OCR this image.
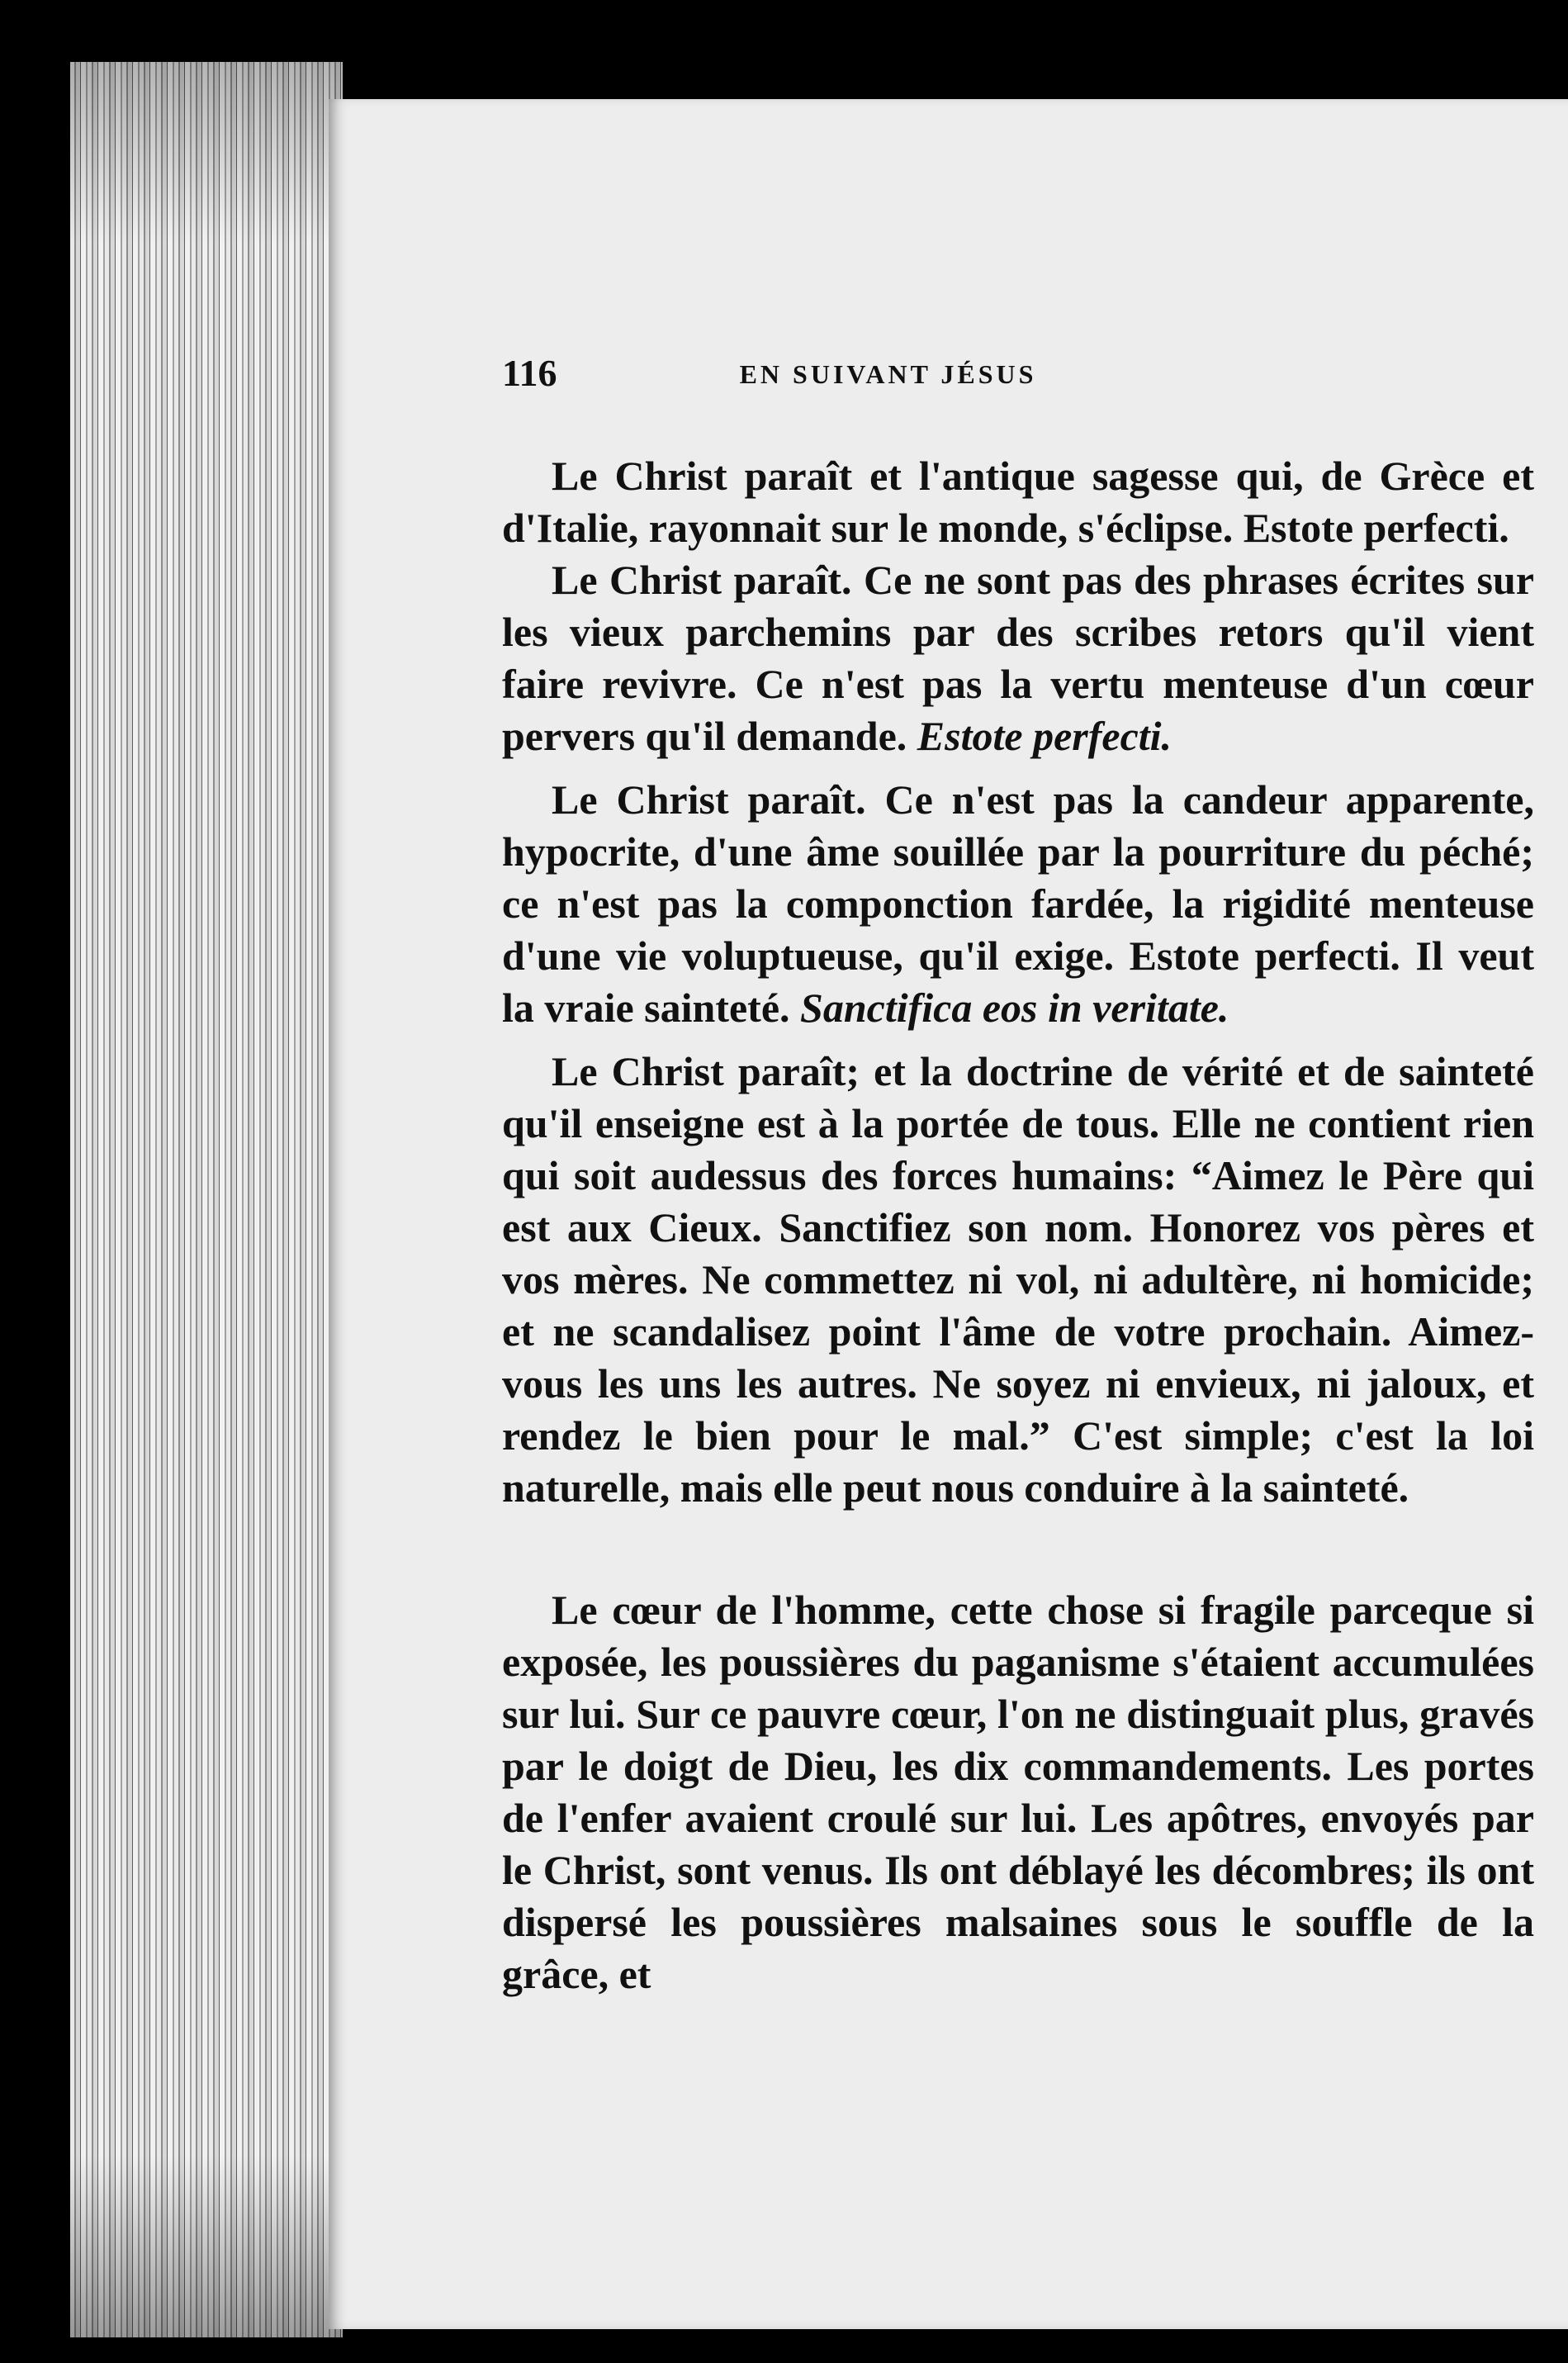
116	EN SUIVANT JÉSUS

Le Christ paraît et l'antique sagesse qui, de Grèce et d'Italie, rayonnait sur le monde, s'éclipse. Estote perfecti.

Le Christ paraît. Ce ne sont pas des phrases écrites sur les vieux parchemins par des scribes retors qu'il vient faire revivre. Ce n'est pas la vertu menteuse d'un cœur pervers qu'il demande. Estote perfecti.

Le Christ paraît. Ce n'est pas la candeur apparente, hypocrite, d'une âme souillée par la pourriture du péché; ce n'est pas la componction fardée, la rigidité menteuse d'une vie voluptueuse, qu'il exige. Estote perfecti. Il veut la vraie sainteté. Sanctifica eos in veritate.

Le Christ paraît; et la doctrine de vérité et de sainteté qu'il enseigne est à la portée de tous. Elle ne contient rien qui soit audessus des forces humains: “Aimez le Père qui est aux Cieux. Sanctifiez son nom. Honorez vos pères et vos mères. Ne commettez ni vol, ni adultère, ni homicide; et ne scandalisez point l'âme de votre prochain. Aimez-vous les uns les autres. Ne soyez ni envieux, ni jaloux, et rendez le bien pour le mal.” C'est simple; c'est la loi naturelle, mais elle peut nous conduire à la sainteté.

Le cœur de l'homme, cette chose si fragile parceque si exposée, les poussières du paganisme s'étaient accumulées sur lui. Sur ce pauvre cœur, l'on ne distinguait plus, gravés par le doigt de Dieu, les dix commandements. Les portes de l'enfer avaient croulé sur lui. Les apôtres, envoyés par le Christ, sont venus. Ils ont déblayé les décombres; ils ont dispersé les poussières malsaines sous le souffle de la grâce, et
